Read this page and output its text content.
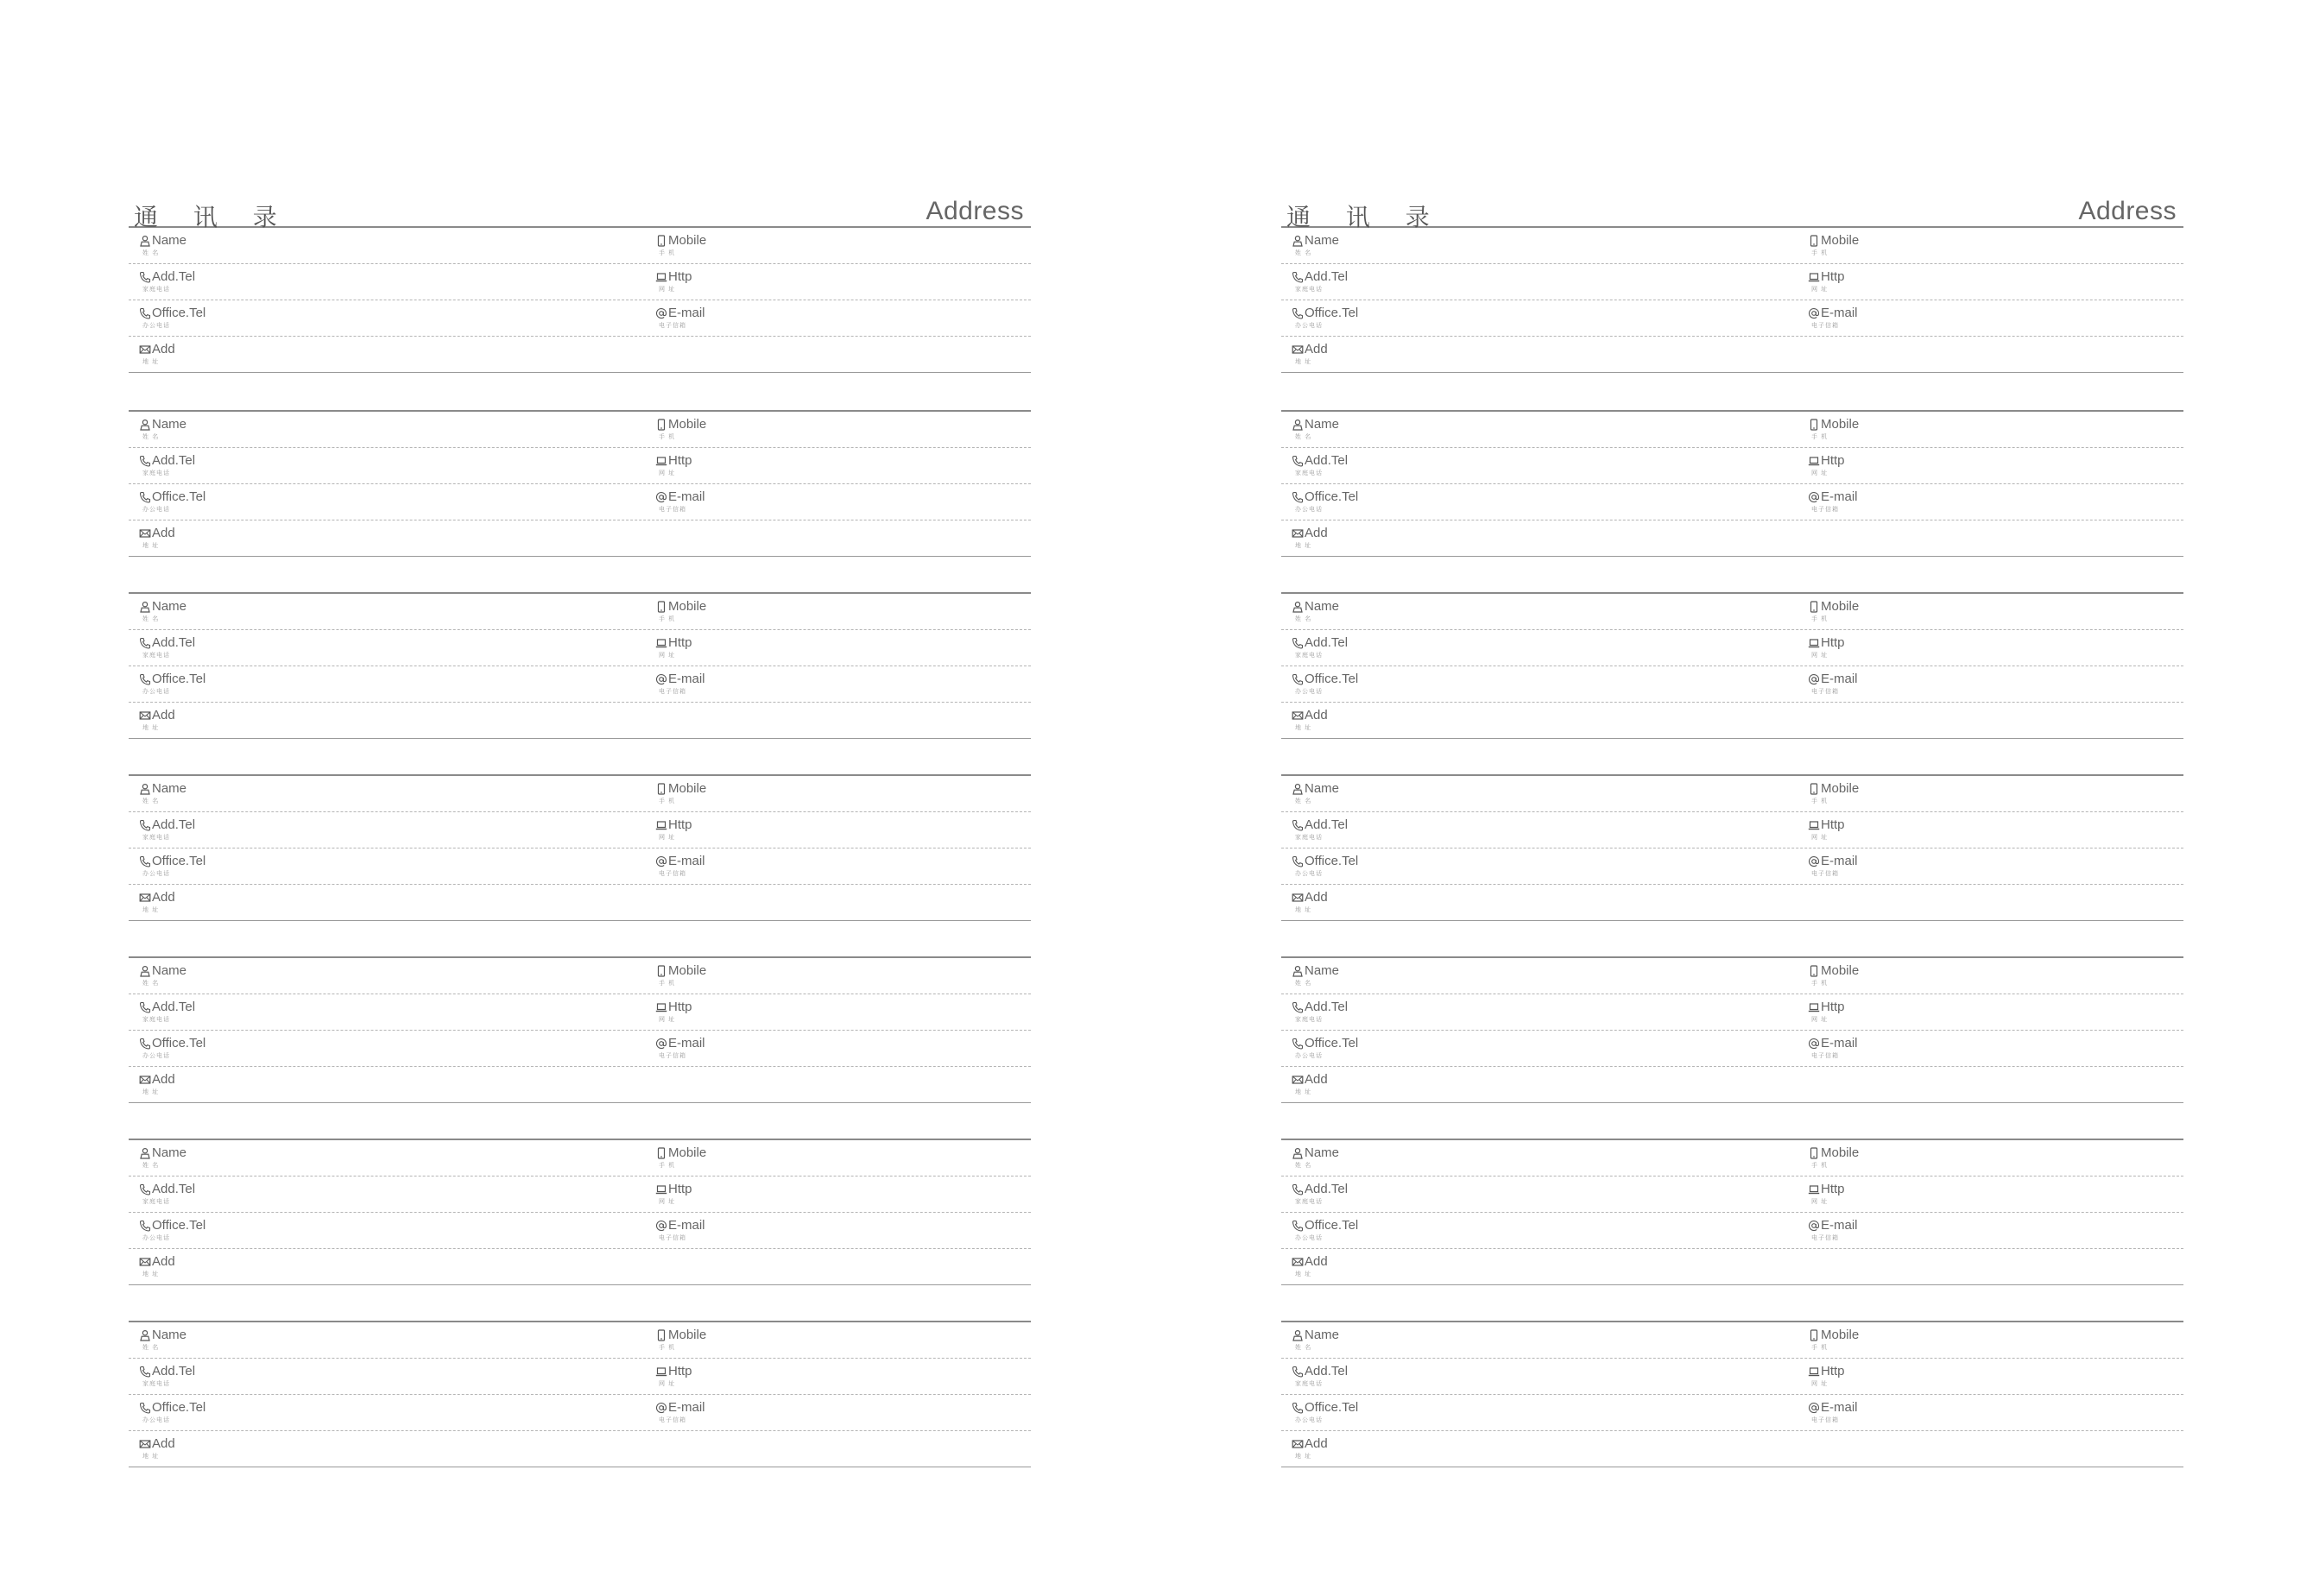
通 讯 录	Address
Name
姓 名
Mobile
手 机
Add.Tel
家庭电话
Http
网 址
Office.Tel
办公电话
E-mail
电子信箱
Add
地 址
Name
姓 名
Mobile
手 机
Add.Tel
家庭电话
Http
网 址
Office.Tel
办公电话
E-mail
电子信箱
Add
地 址
Name
姓 名
Mobile
手 机
Add.Tel
家庭电话
Http
网 址
Office.Tel
办公电话
E-mail
电子信箱
Add
地 址
Name
姓 名
Mobile
手 机
Add.Tel
家庭电话
Http
网 址
Office.Tel
办公电话
E-mail
电子信箱
Add
地 址
Name
姓 名
Mobile
手 机
Add.Tel
家庭电话
Http
网 址
Office.Tel
办公电话
E-mail
电子信箱
Add
地 址
Name
姓 名
Mobile
手 机
Add.Tel
家庭电话
Http
网 址
Office.Tel
办公电话
E-mail
电子信箱
Add
地 址
Name
姓 名
Mobile
手 机
Add.Tel
家庭电话
Http
网 址
Office.Tel
办公电话
E-mail
电子信箱
Add
地 址
通 讯 录	Address
Name
姓 名
Mobile
手 机
Add.Tel
家庭电话
Http
网 址
Office.Tel
办公电话
E-mail
电子信箱
Add
地 址
Name
姓 名
Mobile
手 机
Add.Tel
家庭电话
Http
网 址
Office.Tel
办公电话
E-mail
电子信箱
Add
地 址
Name
姓 名
Mobile
手 机
Add.Tel
家庭电话
Http
网 址
Office.Tel
办公电话
E-mail
电子信箱
Add
地 址
Name
姓 名
Mobile
手 机
Add.Tel
家庭电话
Http
网 址
Office.Tel
办公电话
E-mail
电子信箱
Add
地 址
Name
姓 名
Mobile
手 机
Add.Tel
家庭电话
Http
网 址
Office.Tel
办公电话
E-mail
电子信箱
Add
地 址
Name
姓 名
Mobile
手 机
Add.Tel
家庭电话
Http
网 址
Office.Tel
办公电话
E-mail
电子信箱
Add
地 址
Name
姓 名
Mobile
手 机
Add.Tel
家庭电话
Http
网 址
Office.Tel
办公电话
E-mail
电子信箱
Add
地 址
